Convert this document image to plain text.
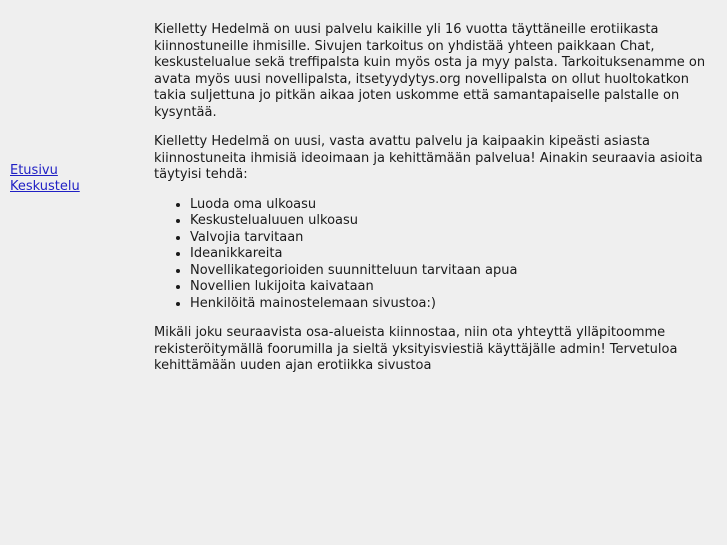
Etusivu
Keskustelu

Kielletty Hedelmä on uusi palvelu kaikille yli 16 vuotta täyttäneille erotiikasta kiinnostuneille ihmisille. Sivujen tarkoitus on yhdistää yhteen paikkaan Chat, keskustelualue sekä treffipalsta kuin myös osta ja myy palsta. Tarkoituksenamme on avata myös uusi novellipalsta, itsetyydytys.org novellipalsta on ollut huoltokatkon takia suljettuna jo pitkän aikaa joten uskomme että samantapaiselle palstalle on kysyntää.

Kielletty Hedelmä on uusi, vasta avattu palvelu ja kaipaakin kipeästi asiasta kiinnostuneita ihmisiä ideoimaan ja kehittämään palvelua! Ainakin seuraavia asioita täytyisi tehdä:

• Luoda oma ulkoasu
• Keskustelualuuen ulkoasu
• Valvojia tarvitaan
• Ideanikkareita
• Novellikategorioiden suunnitteluun tarvitaan apua
• Novellien lukijoita kaivataan
• Henkilöitä mainostelemaan sivustoa:)

Mikäli joku seuraavista osa-alueista kiinnostaa, niin ota yhteyttä ylläpitoomme rekisteröitymällä foorumilla ja sieltä yksityisviestiä käyttäjälle admin! Tervetuloa kehittämään uuden ajan erotiikka sivustoa
